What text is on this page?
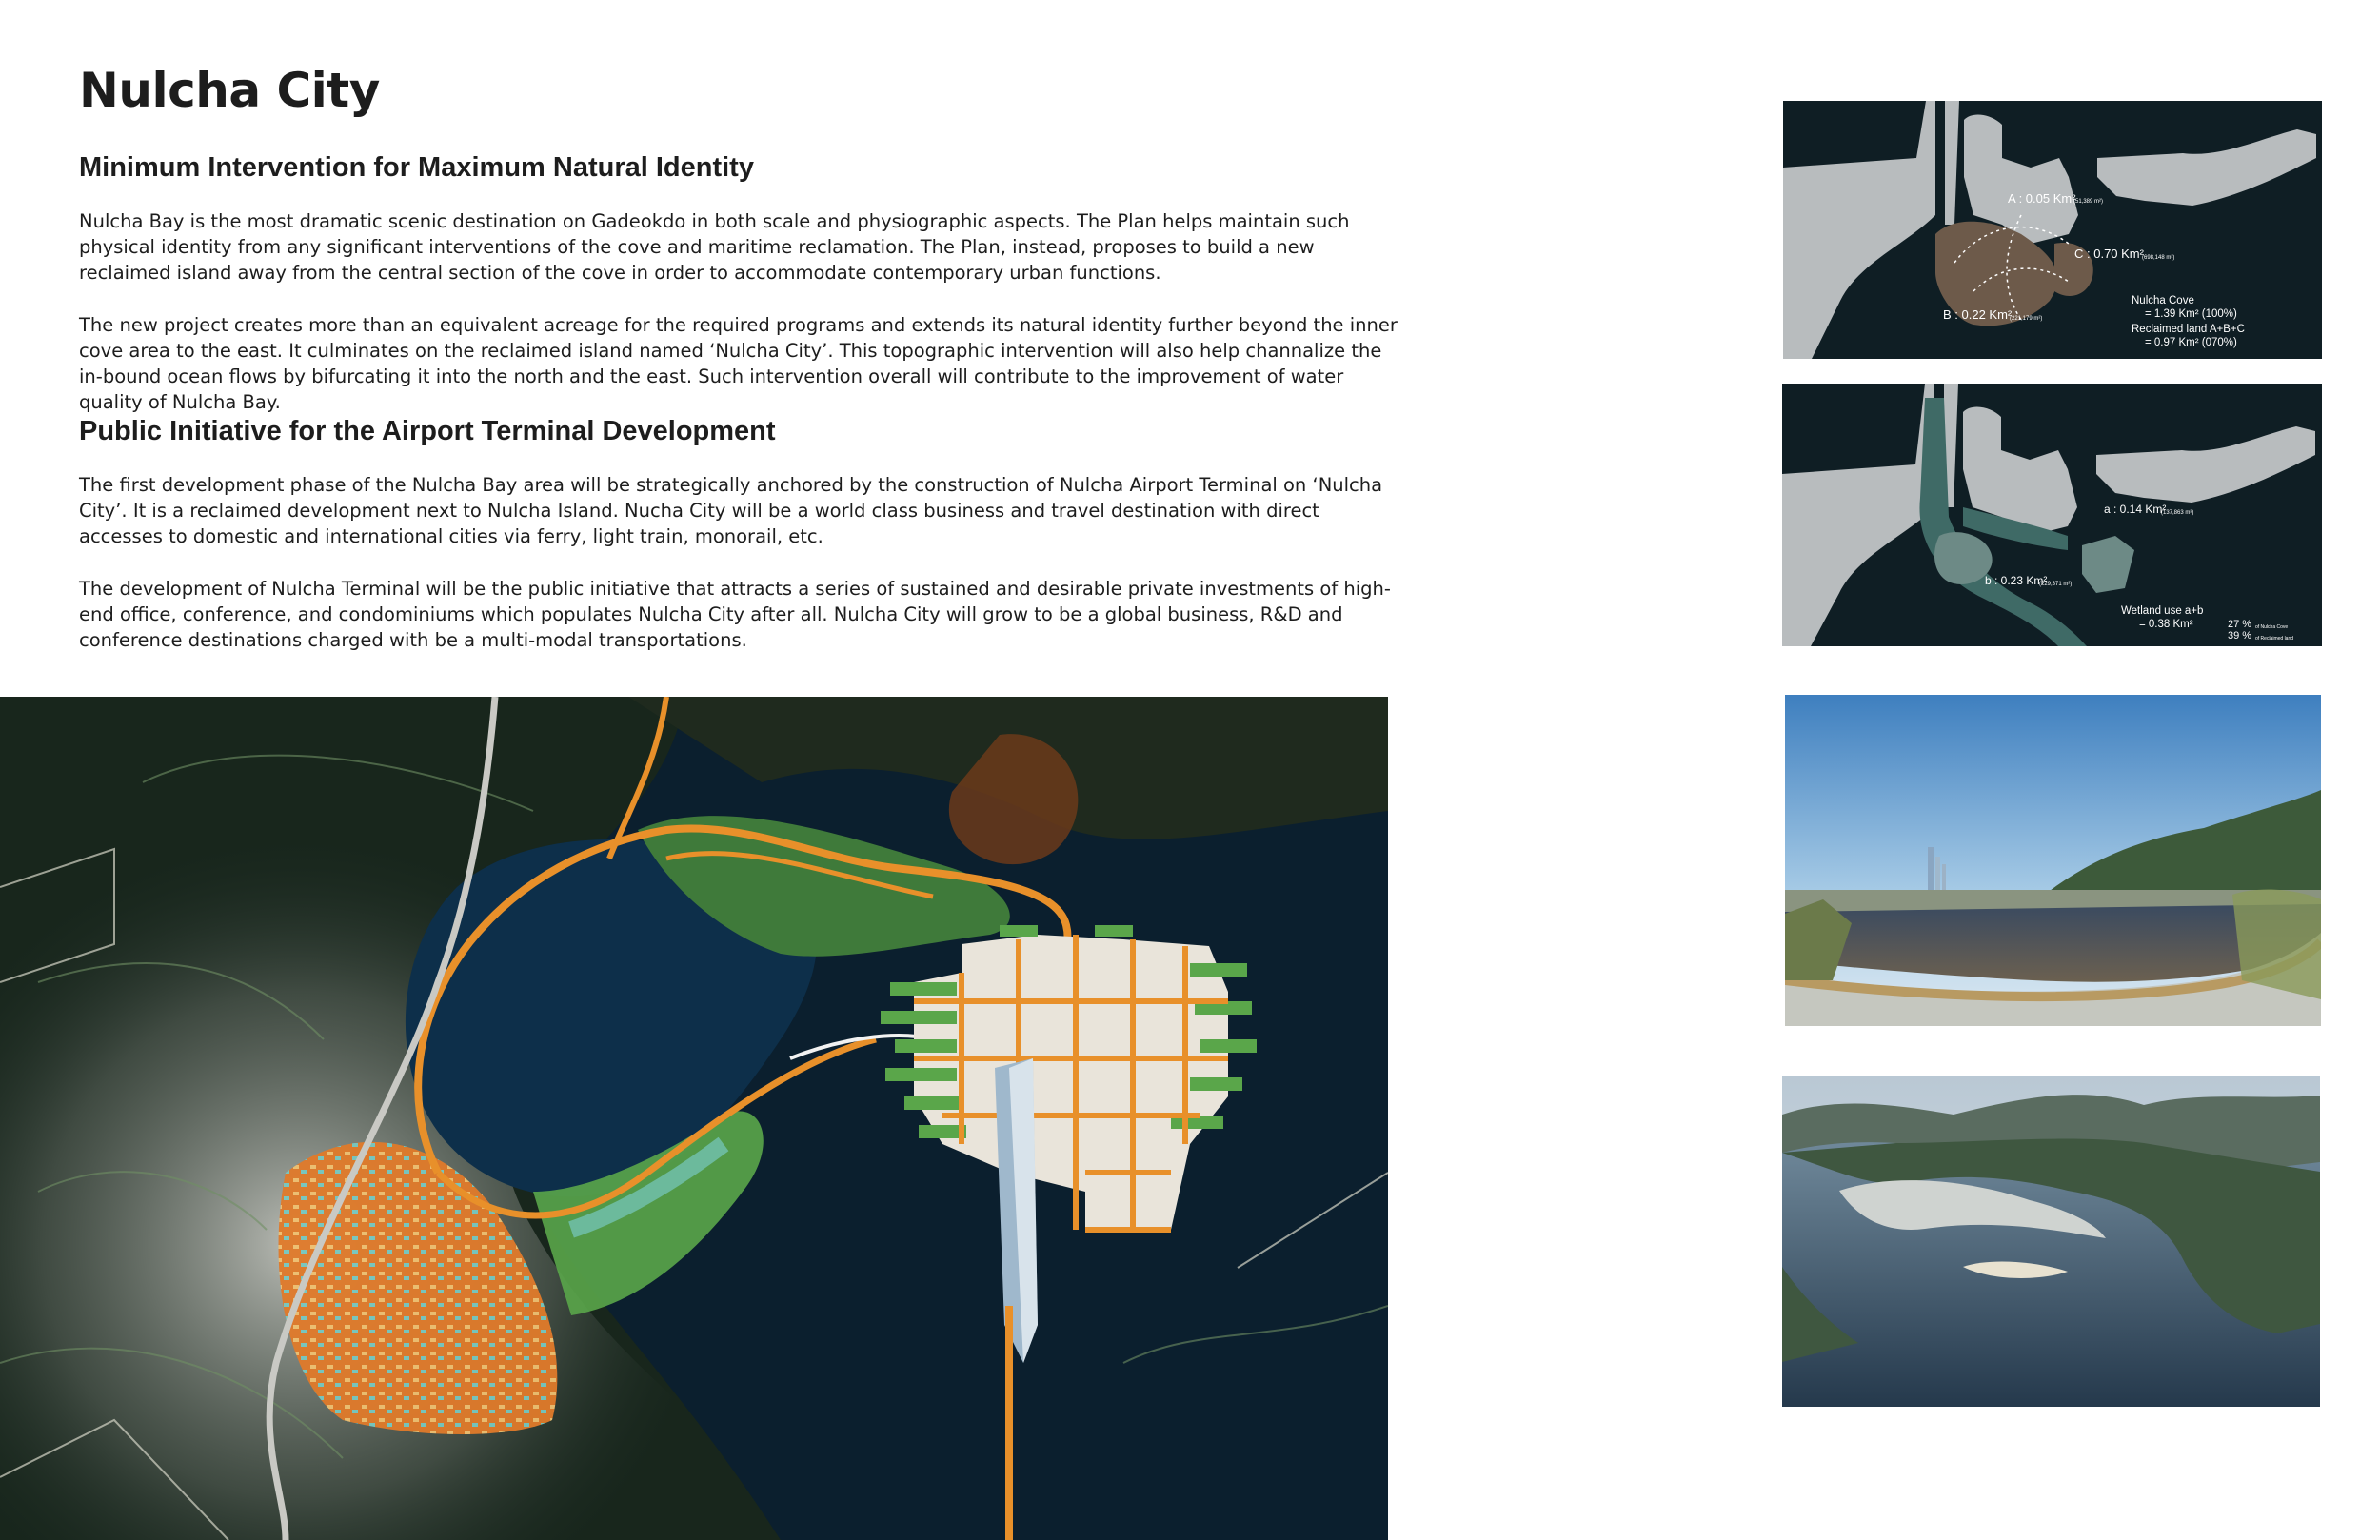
Nulcha City
Minimum Intervention for Maximum Natural Identity

Nulcha Bay is the most dramatic scenic destination on Gadeokdo in both scale and physiographic aspects. The Plan helps maintain such physical identity from any significant interventions of the cove and maritime reclamation. The Plan, instead, proposes to build a new reclaimed island away from the central section of the cove in order to accommodate contemporary urban functions.

The new project creates more than an equivalent acreage for the required programs and extends its natural identity further beyond the inner cove area to the east. It culminates on the reclaimed island named ‘Nulcha City’. This topographic intervention will also help channalize the in-bound ocean flows by bifurcating it into the north and the east. Such intervention overall will contribute to the improvement of water quality of Nulcha Bay.

Public Initiative for the Airport Terminal Development

The first development phase of the Nulcha Bay area will be strategically anchored by the construction of Nulcha Airport Terminal on ‘Nulcha City’. It is a reclaimed development next to Nulcha Island. Nucha City will be a world class business and travel destination with direct accesses to domestic and international cities via ferry, light train, monorail, etc.

The development of Nulcha Terminal will be the public initiative that attracts a series of sustained and desirable private investments of high-end office, conference, and condominiums which populates Nulcha City after all. Nulcha City will grow to be a global business, R&D and conference destinations charged with be a multi-modal transportations.

A : 0.05 Km²
(51,389 m²)
C : 0.70 Km²
(698,148 m²)
B : 0.22 Km²
(221,179 m²)
Nulcha Cove
= 1.39 Km² (100%)
Reclaimed land A+B+C
= 0.97 Km² (070%)
a : 0.14 Km²
(137,863 m²)
b : 0.23 Km²
(229,371 m²)
Wetland use a+b
= 0.38 Km²	27 % of Nulcha Cove
39 % of Reclaimed land
